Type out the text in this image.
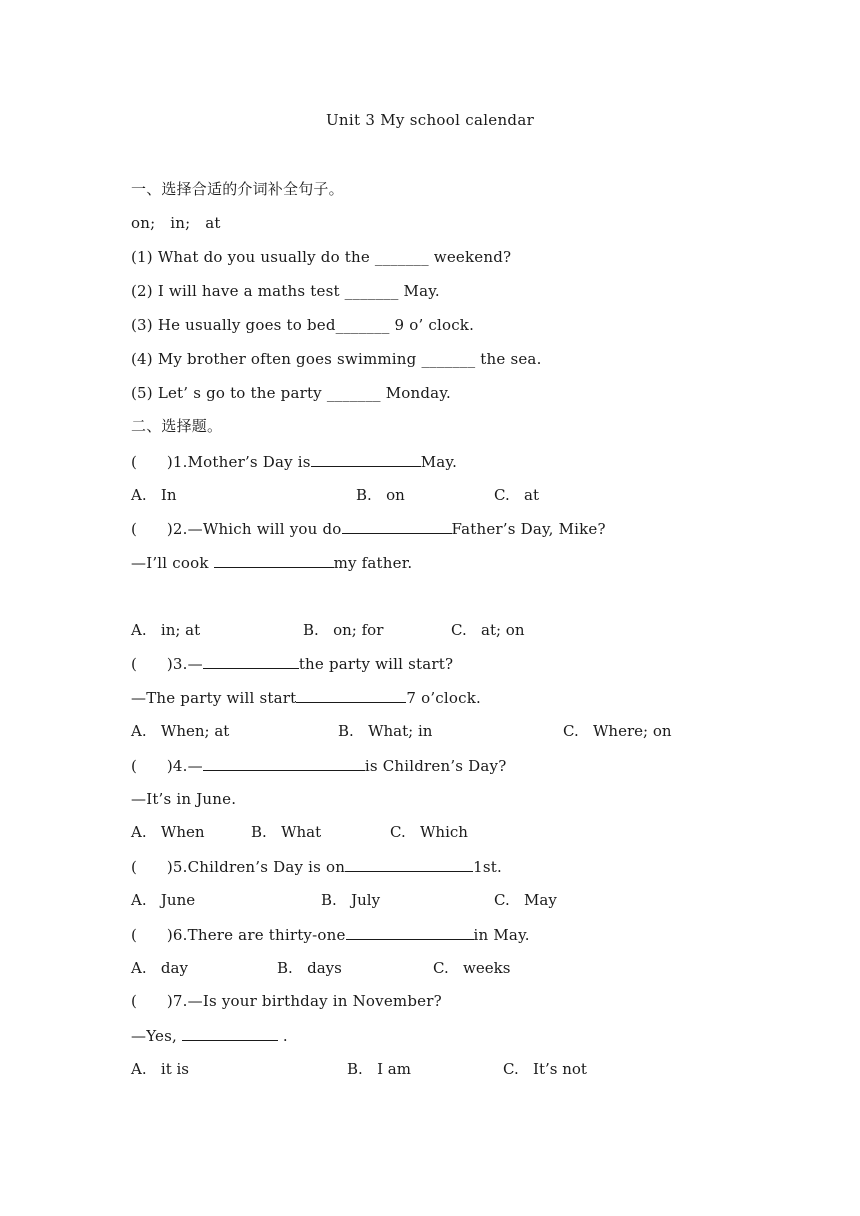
Unit 3 My school calendar
一、选择合适的介词补全句子。
on;   in;   at
(1) What do you usually do the _______ weekend?
(2) I will have a maths test _______ May.
(3) He usually goes to bed_______ 9 o’ clock.
(4) My brother often goes swimming _______ the sea.
(5) Let’ s go to the party _______ Monday.
二、选择题。
(      )1.Mother’s Day is	May.
A.   In	B.   on	C.   at
(      )2.—Which will you do	Father’s Day, Mike?
—I’ll cook	my father.
A.   in; at	B.   on; for	C.   at; on
(      )3.—	the party will start?
—The party will start	7 o’clock.
A.   When; at	B.   What; in	C.   Where; on
(      )4.—	is Children’s Day?
—It’s in June.
A.   When	B.   What	C.   Which
(      )5.Children’s Day is on	1st.
A.   June	B.   July	C.   May
(      )6.There are thirty-one	in May.
A.   day	B.   days	C.   weeks
(      )7.—Is your birthday in November?
—Yes,	.
A.   it is	B.   I am	C.   It’s not
